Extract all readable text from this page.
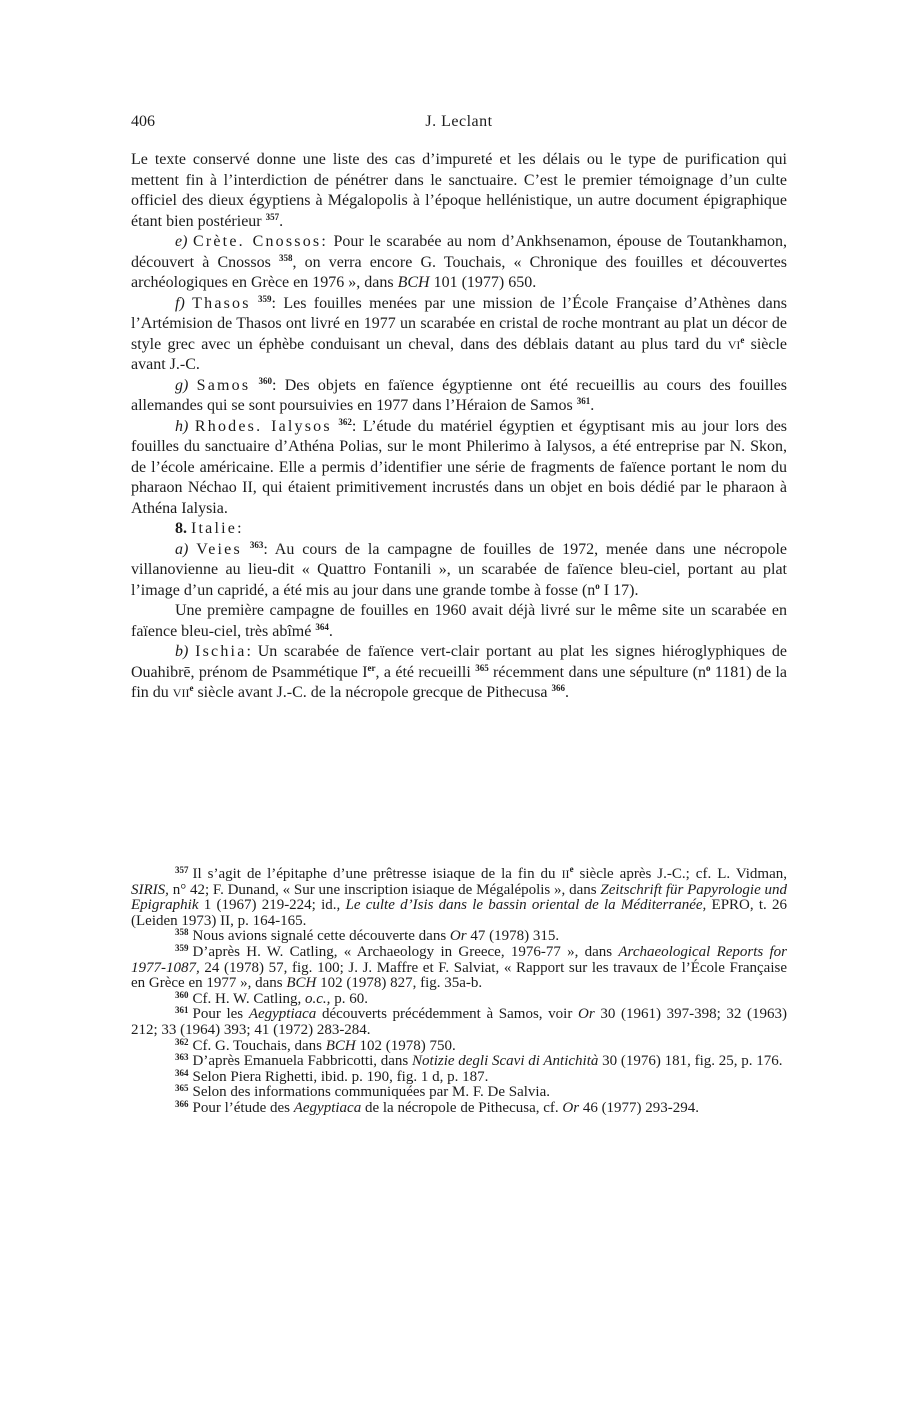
406	J. Leclant

Le texte conservé donne une liste des cas d’impureté et les délais ou le type de purification qui mettent fin à l’interdiction de pénétrer dans le sanctuaire. C’est le premier témoignage d’un culte officiel des dieux égyptiens à Mégalopolis à l’époque hellénistique, un autre document épigraphique étant bien postérieur $^{357}$.

e) Crète. Cnossos: Pour le scarabée au nom d’Ankhsenamon, épouse de Toutankhamon, découvert à Cnossos $^{358}$, on verra encore G. Touchais, « Chronique des fouilles et découvertes archéologiques en Grèce en 1976 », dans BCH 101 (1977) 650.

f) Thasos $^{359}$: Les fouilles menées par une mission de l’École Française d’Athènes dans l’Artémision de Thasos ont livré en 1977 un scarabée en cristal de roche montrant au plat un décor de style grec avec un éphèbe conduisant un cheval, dans des déblais datant au plus tard du VIe siècle avant J.-C.

g) Samos $^{360}$: Des objets en faïence égyptienne ont été recueillis au cours des fouilles allemandes qui se sont poursuivies en 1977 dans l’Héraion de Samos $^{361}$.

h) Rhodes. Ialysos $^{362}$: L’étude du matériel égyptien et égyptisant mis au jour lors des fouilles du sanctuaire d’Athéna Polias, sur le mont Philerimo à Ialysos, a été entreprise par N. Skon, de l’école américaine. Elle a permis d’identifier une série de fragments de faïence portant le nom du pharaon Néchao II, qui étaient primitivement incrustés dans un objet en bois dédié par le pharaon à Athéna Ialysia.

8. Italie:

a) Veies $^{363}$: Au cours de la campagne de fouilles de 1972, menée dans une nécropole villanovienne au lieu-dit « Quattro Fontanili », un scarabée de faïence bleu-ciel, portant au plat l’image d’un capridé, a été mis au jour dans une grande tombe à fosse ($n^o$ I 17).

Une première campagne de fouilles en 1960 avait déjà livré sur le même site un scarabée en faïence bleu-ciel, très abîmé $^{364}$.

b) Ischia: Un scarabée de faïence vert-clair portant au plat les signes hiéroglyphiques de Ouahibrē, prénom de Psammétique Ier, a été recueilli $^{365}$ récemment dans une sépulture ($n^o$ 1181) de la fin du VIIe siècle avant J.-C. de la nécropole grecque de Pithecusa $^{366}$.

$^{357}$ Il s’agit de l’épitaphe d’une prêtresse isiaque de la fin du IIe siècle après J.-C.; cf. L. Vidman, SIRIS, n° 42; F. Dunand, « Sur une inscription isiaque de Mégalépolis », dans Zeitschrift für Papyrologie und Epigraphik 1 (1967) 219-224; id., Le culte d’Isis dans le bassin oriental de la Méditerranée, EPRO, t. 26 (Leiden 1973) II, p. 164-165.

$^{358}$ Nous avions signalé cette découverte dans Or 47 (1978) 315.

$^{359}$ D’après H. W. Catling, « Archaeology in Greece, 1976-77 », dans Archaeological Reports for 1977-1087, 24 (1978) 57, fig. 100; J. J. Maffre et F. Salviat, « Rapport sur les travaux de l’École Française en Grèce en 1977 », dans BCH 102 (1978) 827, fig. 35a-b.

$^{360}$ Cf. H. W. Catling, o.c., p. 60.

$^{361}$ Pour les Aegyptiaca découverts précédemment à Samos, voir Or 30 (1961) 397-398; 32 (1963) 212; 33 (1964) 393; 41 (1972) 283-284.

$^{362}$ Cf. G. Touchais, dans BCH 102 (1978) 750.

$^{363}$ D’après Emanuela Fabbricotti, dans Notizie degli Scavi di Antichità 30 (1976) 181, fig. 25, p. 176.

$^{364}$ Selon Piera Righetti, ibid. p. 190, fig. 1 d, p. 187.

$^{365}$ Selon des informations communiquées par M. F. De Salvia.

$^{366}$ Pour l’étude des Aegyptiaca de la nécropole de Pithecusa, cf. Or 46 (1977) 293-294.
